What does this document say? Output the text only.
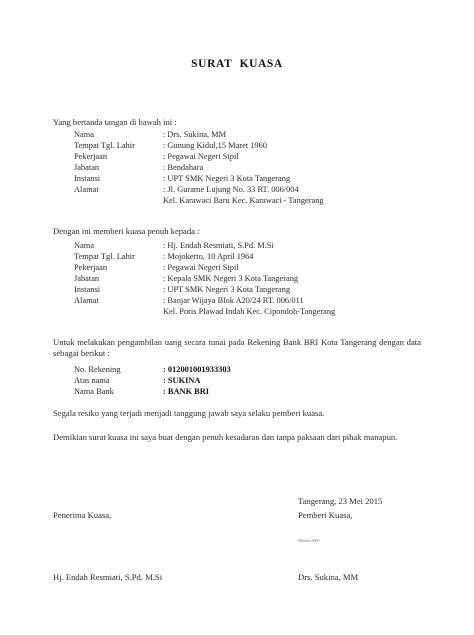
SURAT KUASA
Yang bertanda tangan di bawah ini :
Nama	: Drs. Sukina, MM
Tempat Tgl. Lahir	: Gunung Kidul,15 Maret 1960
Pekerjaan	: Pegawai Negeri Sipil
Jabatan	: Bendahara
Instansi	: UPT SMK Negeri 3 Kota Tangerang
Alamat	: Jl. Gurame Lujung No. 33 RT. 006/004
Kel. Karawaci Baru Kec. Karawaci - Tangerang
Dengan ini memberi kuasa penuh kepada :
Nama	: Hj. Endah Resmiati, S.Pd. M.Si
Tempat Tgl. Lahir	: Mojokerto, 10 April 1964
Pekerjaan	: Pegawai Negeri Sipil
Jabatan	: Kepala SMK Negeri 3 Kota Tangerang
Instansi	: UPT SMK Negeri 3 Kota Tangerang
Alamat	: Banjar Wijaya Blok A20/24 RT. 006/011
Kel. Poris Plawad Indah Kec. Cipondoh-Tangerang
Untuk melakukan pengambilan uang secara tunai pada Rekening Bank BRI Kota Tangerang dengan data sebagai berikut :
No. Rekening	: 012001001933303
Atas nama	: SUKINA
Nama Bank	: BANK BRI
Segala resiko yang terjadi menjadi tanggung jawab saya selaku pemberi kuasa.
Demikian surat kuasa ini saya buat dengan penuh kesadaran dan tanpa paksaan dari pihak manapun.
Tangerang, 23 Mei 2015
Penerima Kuasa,	Pemberi Kuasa,
Materai 6000
Hj. Endah Resmiati, S.Pd. M.Si	Drs. Sukina, MM
